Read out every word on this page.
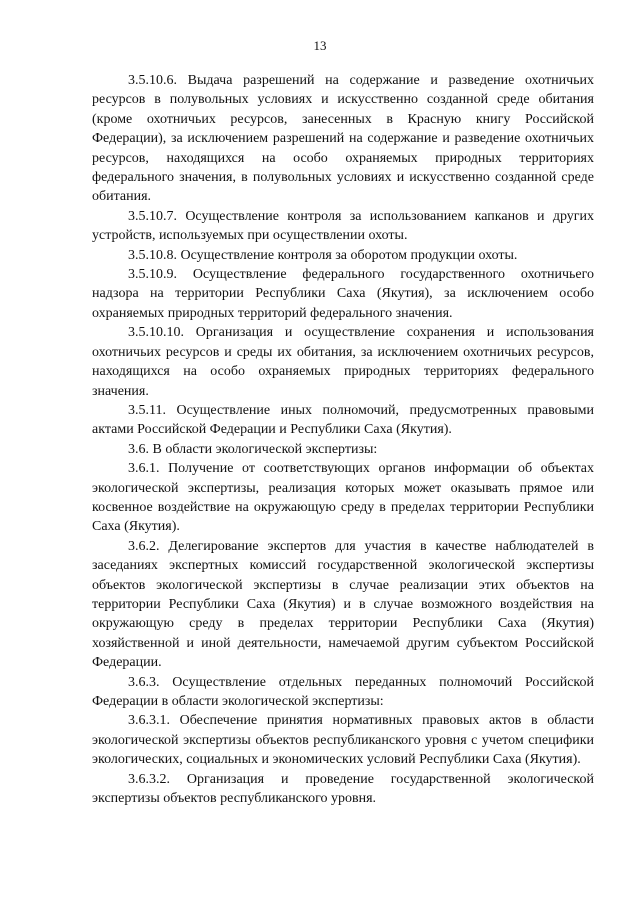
13

3.5.10.6. Выдача разрешений на содержание и разведение охотничьих ресурсов в полувольных условиях и искусственно созданной среде обитания (кроме охотничьих ресурсов, занесенных в Красную книгу Российской Федерации), за исключением разрешений на содержание и разведение охотничьих ресурсов, находящихся на особо охраняемых природных территориях федерального значения, в полувольных условиях и искусственно созданной среде обитания.

3.5.10.7. Осуществление контроля за использованием капканов и других устройств, используемых при осуществлении охоты.

3.5.10.8. Осуществление контроля за оборотом продукции охоты.

3.5.10.9. Осуществление федерального государственного охотничьего надзора на территории Республики Саха (Якутия), за исключением особо охраняемых природных территорий федерального значения.

3.5.10.10. Организация и осуществление сохранения и использования охотничьих ресурсов и среды их обитания, за исключением охотничьих ресурсов, находящихся на особо охраняемых природных территориях федерального значения.

3.5.11. Осуществление иных полномочий, предусмотренных правовыми актами Российской Федерации и Республики Саха (Якутия).

3.6. В области экологической экспертизы:

3.6.1. Получение от соответствующих органов информации об объектах экологической экспертизы, реализация которых может оказывать прямое или косвенное воздействие на окружающую среду в пределах территории Республики Саха (Якутия).

3.6.2. Делегирование экспертов для участия в качестве наблюдателей в заседаниях экспертных комиссий государственной экологической экспертизы объектов экологической экспертизы в случае реализации этих объектов на территории Республики Саха (Якутия) и в случае возможного воздействия на окружающую среду в пределах территории Республики Саха (Якутия) хозяйственной и иной деятельности, намечаемой другим субъектом Российской Федерации.

3.6.3. Осуществление отдельных переданных полномочий Российской Федерации в области экологической экспертизы:

3.6.3.1. Обеспечение принятия нормативных правовых актов в области экологической экспертизы объектов республиканского уровня с учетом специфики экологических, социальных и экономических условий Республики Саха (Якутия).

3.6.3.2. Организация и проведение государственной экологической экспертизы объектов республиканского уровня.
